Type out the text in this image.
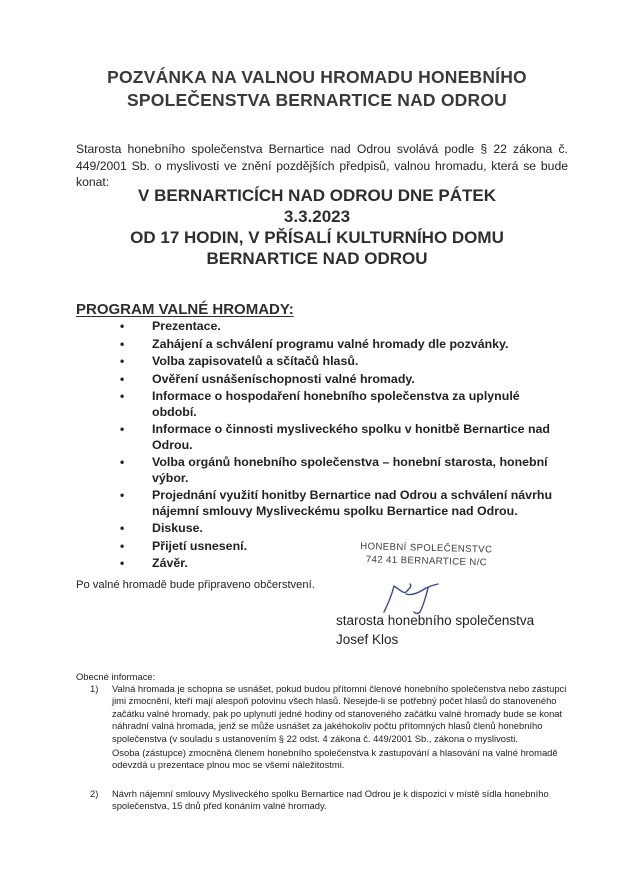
POZVÁNKA NA VALNOU HROMADU HONEBNÍHO
SPOLEČENSTVA BERNARTICE NAD ODROU
Starosta honebního společenstva Bernartice nad Odrou svolává podle § 22 zákona č. 449/2001 Sb. o myslivosti ve znění pozdějších předpisů, valnou hromadu, která se bude konat:
V BERNARTICÍCH NAD ODROU DNE PÁTEK
3.3.2023
OD 17 HODIN, V PŘÍSALÍ KULTURNÍHO DOMU
BERNARTICE NAD ODROU
PROGRAM VALNÉ HROMADY:
• Prezentace.
• Zahájení a schválení programu valné hromady dle pozvánky.
• Volba zapisovatelů a sčítačů hlasů.
• Ověření usnášeníschopnosti valné hromady.
• Informace o hospodaření honebního společenstva za uplynulé období.
• Informace o činnosti mysliveckého spolku v honitbě Bernartice nad Odrou.
• Volba orgánů honebního společenstva – honební starosta, honební výbor.
• Projednání využití honitby Bernartice nad Odrou a schválení návrhu nájemní smlouvy Mysliveckému spolku Bernartice nad Odrou.
• Diskuse.
• Přijetí usnesení.
• Závěr.
HONEBNÍ SPOLEČENSTVC
742 41 BERNARTICE N/C
Po valné hromadě bude připraveno občerstvení.
starosta honebního společenstva
Josef Klos
Obecné informace:
1) Valná hromada je schopna se usnášet, pokud budou přítomni členové honebního společenstva nebo zástupci jimi zmocnění, kteří mají alespoň polovinu všech hlasů. Nesejde-li se potřebný počet hlasů do stanoveného začátku valné hromady, pak po uplynutí jedné hodiny od stanoveného začátku valné hromady bude se konat náhradní valná hromada, jenž se může usnášet za jakéhokoliv počtu přítomných hlasů členů honebního společenstva (v souladu s ustanovením § 22 odst. 4 zákona č. 449/2001 Sb., zákona o myslivosti.
Osoba (zástupce) zmocněná členem honebního společenstva k zastupování a hlasování na valné hromadě odevzdá u prezentace plnou moc se všemi náležitostmi.
2) Návrh nájemní smlouvy Mysliveckého spolku Bernartice nad Odrou je k dispozici v místě sídla honebního společenstva, 15 dnů před konáním valné hromady.
